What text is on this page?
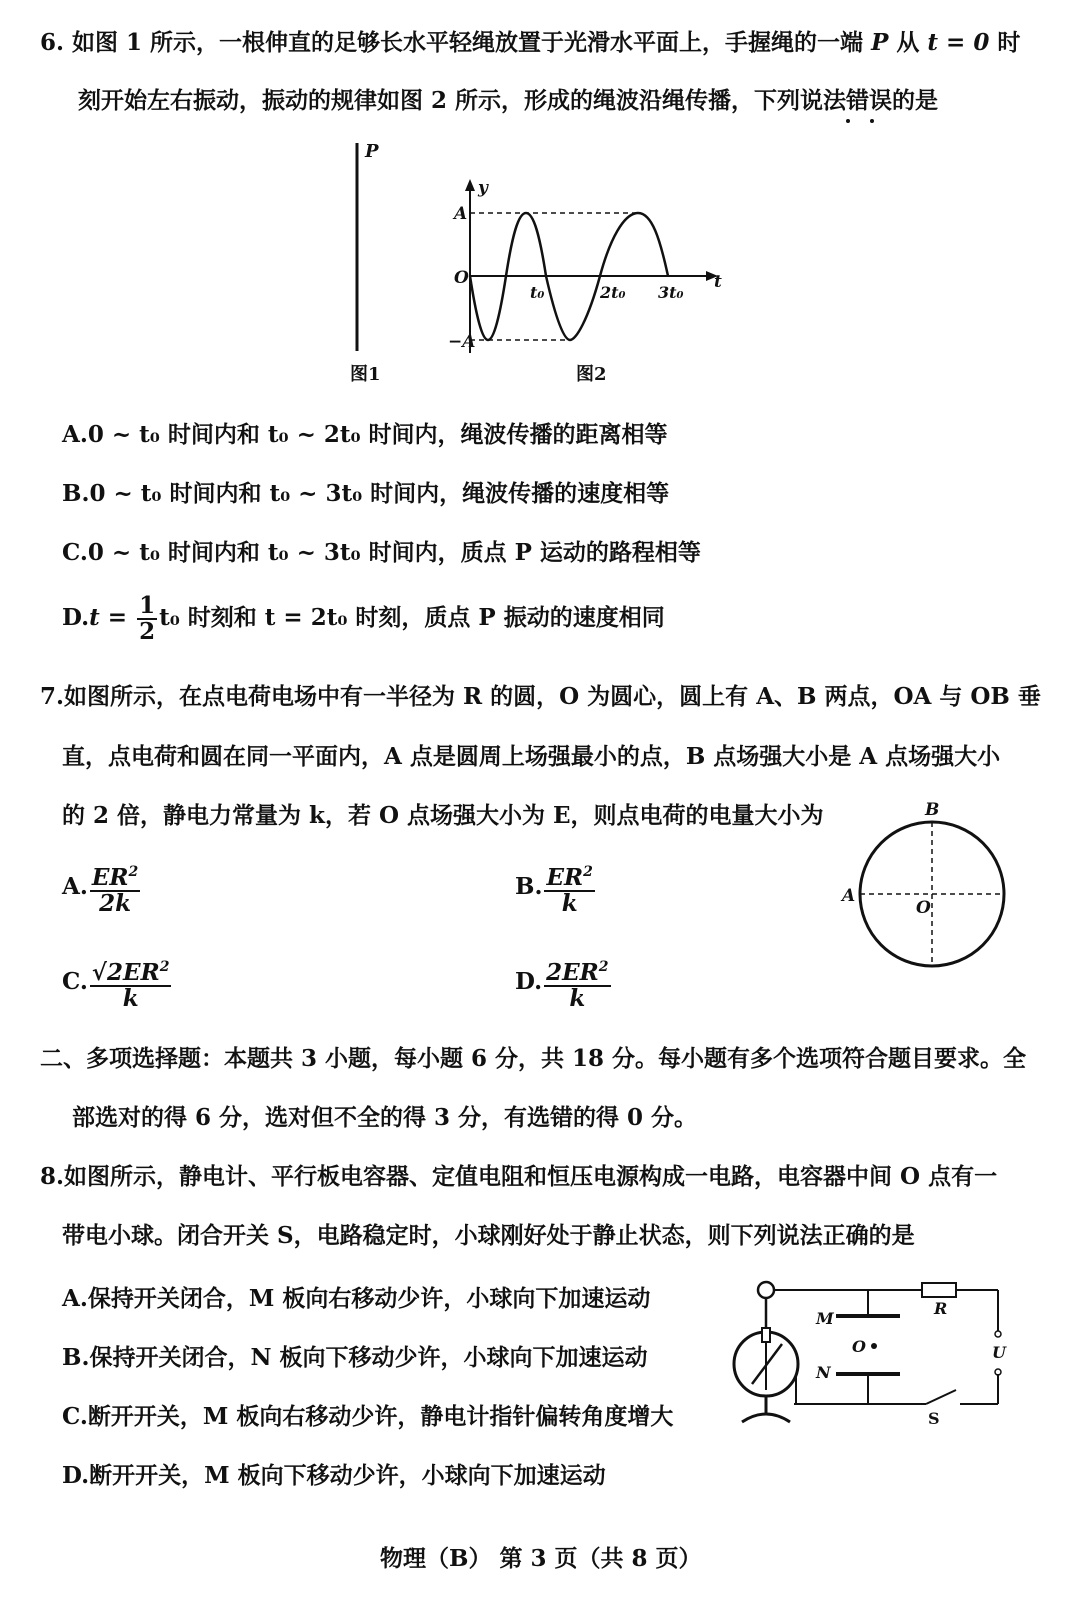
6. 如图 1 所示，一根伸直的足够长水平轻绳放置于光滑水平面上，手握绳的一端 P 从 t = 0 时
刻开始左右振动，振动的规律如图 2 所示，形成的绳波沿绳传播，下列说法错误的是
P
图1
y
t
A
−A
O
t₀	2t₀ 3t₀
图2
A.0 ~ t₀ 时间内和 t₀ ~ 2t₀ 时间内，绳波传播的距离相等
B.0 ~ t₀ 时间内和 t₀ ~ 3t₀ 时间内，绳波传播的速度相等
C.0 ~ t₀ 时间内和 t₀ ~ 3t₀ 时间内，质点 P 运动的路程相等
$D.t = \frac{1}{2} t_0$ 时刻和 t = 2t₀ 时刻，质点 P 振动的速度相同
7.如图所示，在点电荷电场中有一半径为 R 的圆，O 为圆心，圆上有 A、B 两点，OA 与 OB 垂
直，点电荷和圆在同一平面内，A 点是圆周上场强最小的点，B 点场强大小是 A 点场强大小
的 2 倍，静电力常量为 k，若 O 点场强大小为 E，则点电荷的电量大小为	B
A
O
A. $\frac{ER^2}{2k}$	B. $\frac{ER^2}{k}$
C. $\frac{√2ER^2}{k}$	D. $\frac{2ER^2}{k}$
二、多项选择题：本题共 3 小题，每小题 6 分，共 18 分。每小题有多个选项符合题目要求。全
部选对的得 6 分，选对但不全的得 3 分，有选错的得 0 分。
8.如图所示，静电计、平行板电容器、定值电阻和恒压电源构成一电路，电容器中间 O 点有一
带电小球。闭合开关 S，电路稳定时，小球刚好处于静止状态，则下列说法正确的是
A.保持开关闭合，M 板向右移动少许，小球向下加速运动
B.保持开关闭合，N 板向下移动少许，小球向下加速运动
C.断开开关，M 板向右移动少许，静电计指针偏转角度增大
D.断开开关，M 板向下移动少许，小球向下加速运动
M
N
O
R
U
S
物理（B） 第 3 页（共 8 页）
